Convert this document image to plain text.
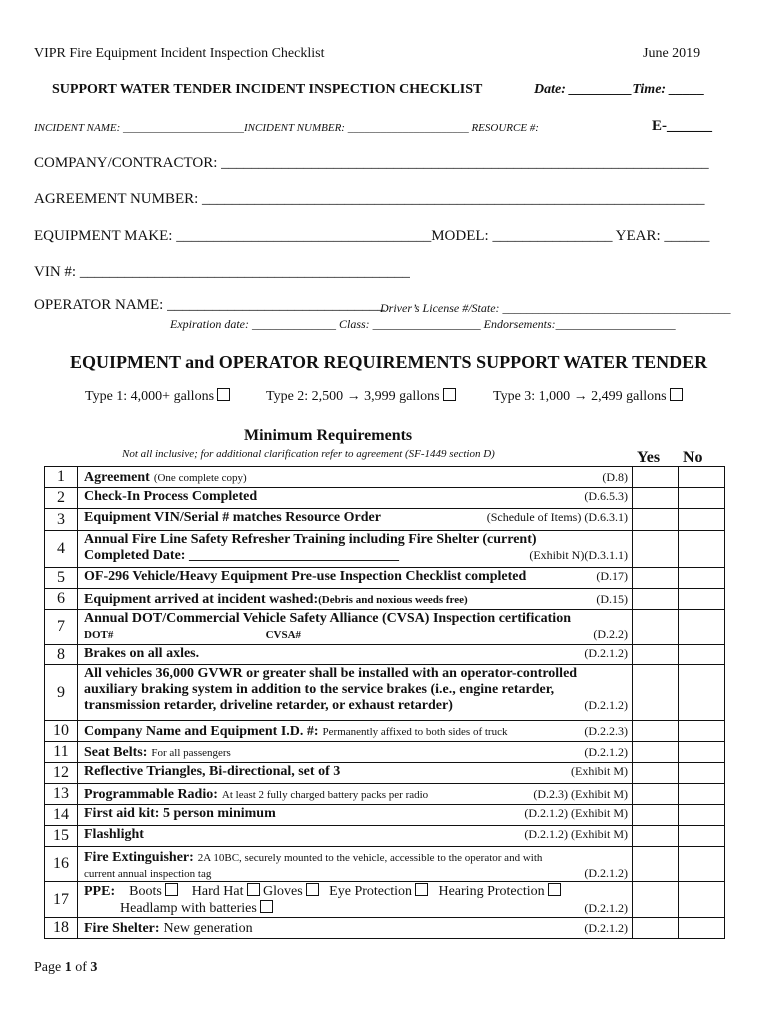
VIPR Fire Equipment Incident Inspection Checklist	June 2019
SUPPORT WATER TENDER INCIDENT INSPECTION CHECKLIST	Date: _________Time: _____
INCIDENT NAME: ______________________INCIDENT NUMBER: ______________________ RESOURCE #:	E-______
COMPANY/CONTRACTOR: _________________________________________________________________
AGREEMENT NUMBER: ___________________________________________________________________
EQUIPMENT MAKE: __________________________________MODEL: ________________ YEAR: ______
VIN #: ____________________________________________
OPERATOR NAME: _____________________________
Driver’s License #/State: ______________________________________
Expiration date: ______________ Class: __________________ Endorsements:____________________
EQUIPMENT and OPERATOR REQUIREMENTS SUPPORT WATER TENDER
Type 1: 4,000+ gallons	Type 2: 2,500 → 3,999 gallons	Type 3: 1,000 → 2,499 gallons
Minimum Requirements
Not all inclusive; for additional clarification refer to agreement (SF-1449 section D)	Yes No
1	Agreement (One complete copy) (D.8)		

2	Check-In Process Completed (D.6.5.3)		

3	Equipment VIN/Serial # matches Resource Order (Schedule of Items) (D.6.3.1)		

4	Annual Fire Line Safety Refresher Training including Fire Shelter (current)
Completed Date: ______________________________ (Exhibit N)(D.3.1.1)		

5	OF-296 Vehicle/Heavy Equipment Pre-use Inspection Checklist completed (D.17)		

6	Equipment arrived at incident washed:(Debris and noxious weeds free) (D.15)		

7	Annual DOT/Commercial Vehicle Safety Alliance (CVSA) Inspection certification
DOT# CVSA# (D.2.2)		

8	Brakes on all axles. (D.2.1.2)		

9	All vehicles 36,000 GVWR or greater shall be installed with an operator-controlled
auxiliary braking system in addition to the service brakes (i.e., engine retarder,
transmission retarder, driveline retarder, or exhaust retarder) (D.2.1.2)		

10	Company Name and Equipment I.D. #: Permanently affixed to both sides of truck (D.2.2.3)		

11	Seat Belts: For all passengers (D.2.1.2)		

12	Reflective Triangles, Bi-directional, set of 3 (Exhibit M)		

13	Programmable Radio: At least 2 fully charged battery packs per radio (D.2.3) (Exhibit M)		

14	First aid kit: 5 person minimum (D.2.1.2) (Exhibit M)		

15	Flashlight (D.2.1.2) (Exhibit M)		

16	Fire Extinguisher: 2A 10BC, securely mounted to the vehicle, accessible to the operator and with
current annual inspection tag (D.2.1.2)		

17	PPE: Boots Hard Hat Gloves Eye Protection Hearing Protection
Headlamp with batteries (D.2.1.2)		

18	Fire Shelter: New generation (D.2.1.2)		

Page 1 of 3
